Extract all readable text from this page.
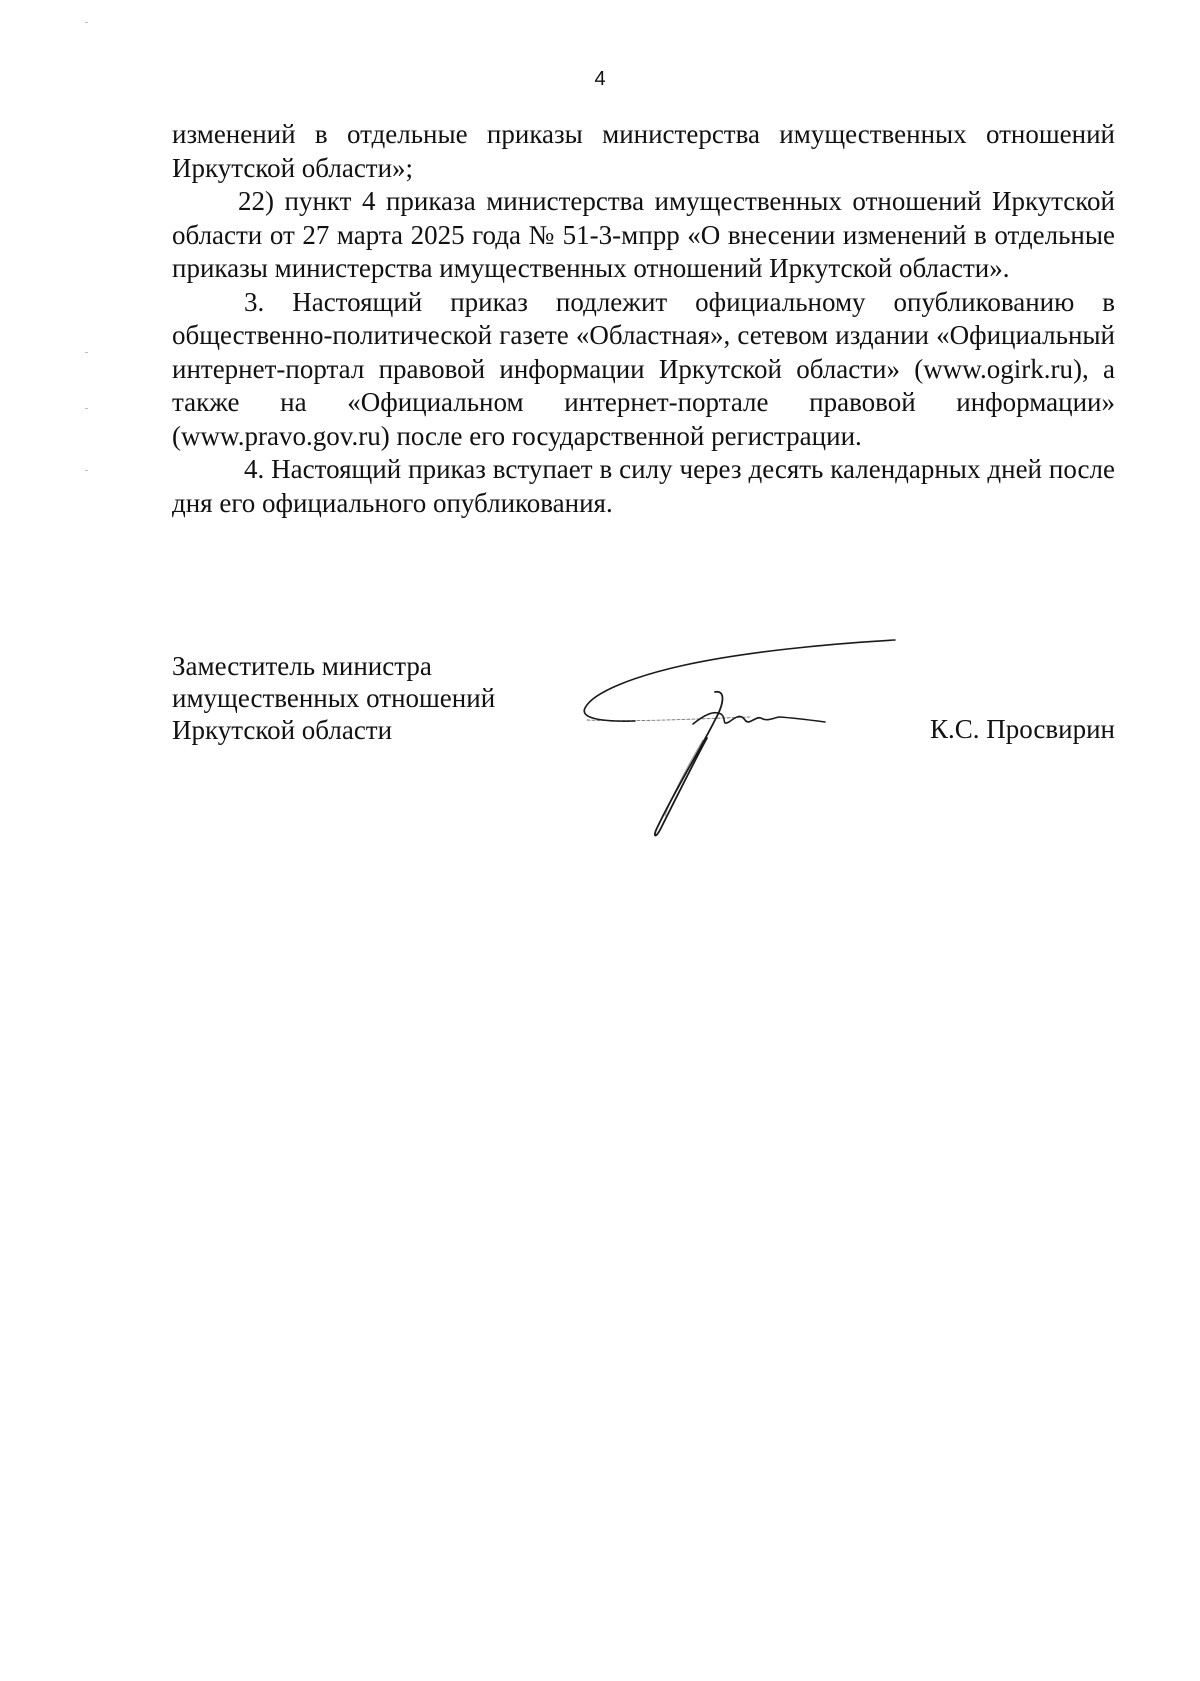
4

изменений в отдельные приказы министерства имущественных отношений Иркутской области»;

22) пункт 4 приказа министерства имущественных отношений Иркутской области от 27 марта 2025 года № 51-3-мпрр «О внесении изменений в отдельные приказы министерства имущественных отношений Иркутской области».

3. Настоящий приказ подлежит официальному опубликованию в общественно-политической газете «Областная», сетевом издании «Официальный интернет-портал правовой информации Иркутской области» (www.ogirk.ru), а также на «Официальном интернет-портале правовой информации» (www.pravo.gov.ru) после его государственной регистрации.

4. Настоящий приказ вступает в силу через десять календарных дней после дня его официального опубликования.

Заместитель министра
имущественных отношений
Иркутской области	К.С. Просвирин
